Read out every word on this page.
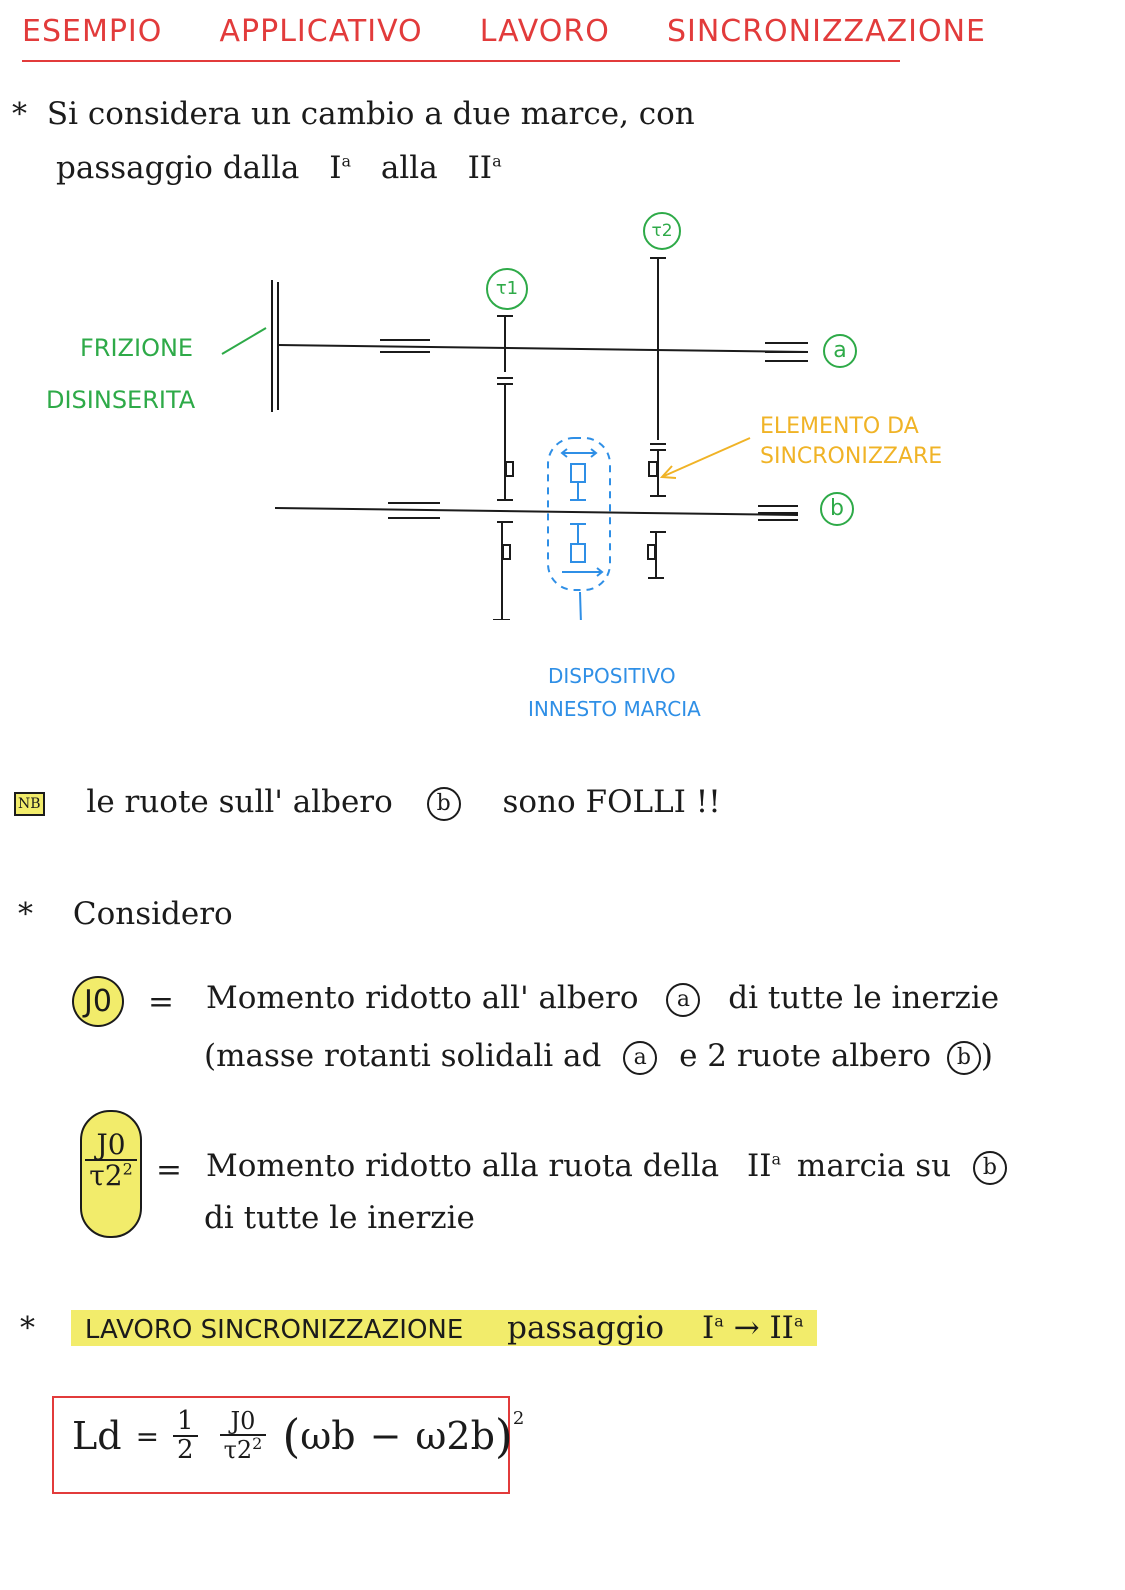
ESEMPIO APPLICATIVO LAVORO SINCRONIZZAZIONE
* Si considera un cambio a due marce, con
passaggio dalla $I^a$ alla $II^a$
τ1
τ2
a
b
FRIZIONE
DISINSERITA
ELEMENTO DA
SINCRONIZZARE
DISPOSITIVO
INNESTO MARCIA
NB le ruote sull' albero b sono FOLLI !!
* Considero
J0	= Momento ridotto all' albero a di tutte le inerzie
(masse rotanti solidali ad a e 2 ruote albero b )
$\frac{J0}{\tau 2^2}$ = Momento ridotto alla ruota della $II^a$ marcia su b
di tutte le inerzie
* LAVORO SINCRONIZZAZIONE passaggio $I^a \to II^a$
$Ld = \frac{1}{2} \frac{J0}{\tau 2^2}$ ( ωb − ω2b ) 2
